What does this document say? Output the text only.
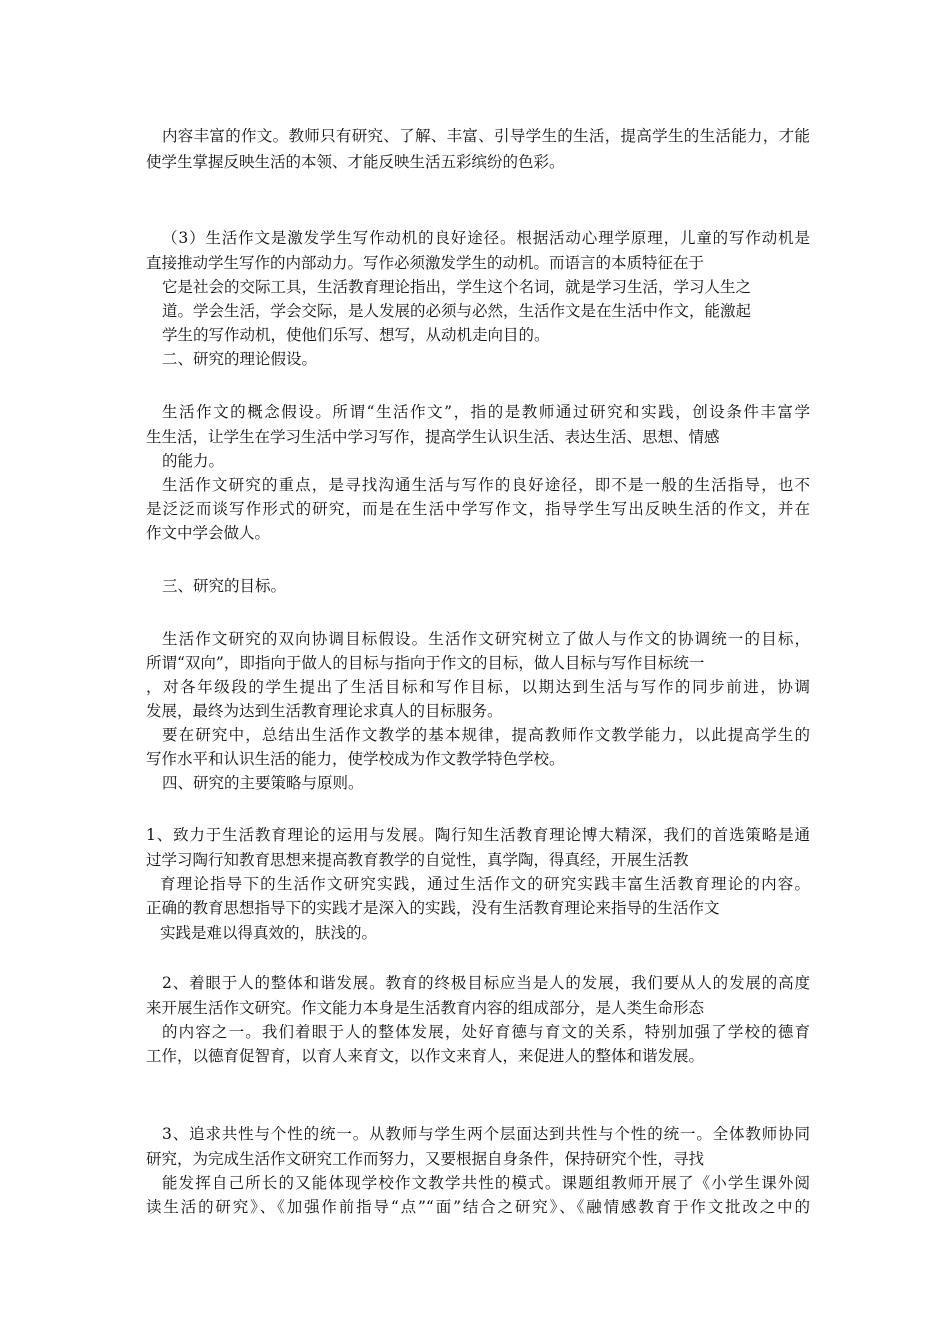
内容丰富的作文。教师只有研究、了解、丰富、引导学生的生活，提高学生的生活能力，才能
使学生掌握反映生活的本领、才能反映生活五彩缤纷的色彩。
（3）生活作文是激发学生写作动机的良好途径。根据活动心理学原理，儿童的写作动机是
直接推动学生写作的内部动力。写作必须激发学生的动机。而语言的本质特征在于
它是社会的交际工具，生活教育理论指出，学生这个名词，就是学习生活，学习人生之
道。学会生活，学会交际，是人发展的必须与必然，生活作文是在生活中作文，能激起
学生的写作动机，使他们乐写、想写，从动机走向目的。
二、研究的理论假设。
生活作文的概念假设。所谓“生活作文”，指的是教师通过研究和实践，创设条件丰富学
生生活，让学生在学习生活中学习写作，提高学生认识生活、表达生活、思想、情感
的能力。
生活作文研究的重点，是寻找沟通生活与写作的良好途径，即不是一般的生活指导，也不
是泛泛而谈写作形式的研究，而是在生活中学写作文，指导学生写出反映生活的作文，并在
作文中学会做人。
三、研究的目标。
生活作文研究的双向协调目标假设。生活作文研究树立了做人与作文的协调统一的目标，
所谓“双向”，即指向于做人的目标与指向于作文的目标，做人目标与写作目标统一
，对各年级段的学生提出了生活目标和写作目标，以期达到生活与写作的同步前进，协调
发展，最终为达到生活教育理论求真人的目标服务。
要在研究中，总结出生活作文教学的基本规律，提高教师作文教学能力，以此提高学生的
写作水平和认识生活的能力，使学校成为作文教学特色学校。
四、研究的主要策略与原则。
1、致力于生活教育理论的运用与发展。陶行知生活教育理论博大精深，我们的首选策略是通
过学习陶行知教育思想来提高教育教学的自觉性，真学陶，得真经，开展生活教
育理论指导下的生活作文研究实践，通过生活作文的研究实践丰富生活教育理论的内容。
正确的教育思想指导下的实践才是深入的实践，没有生活教育理论来指导的生活作文
实践是难以得真效的，肤浅的。
2、着眼于人的整体和谐发展。教育的终极目标应当是人的发展，我们要从人的发展的高度
来开展生活作文研究。作文能力本身是生活教育内容的组成部分，是人类生命形态
的内容之一。我们着眼于人的整体发展，处好育德与育文的关系，特别加强了学校的德育
工作，以德育促智育，以育人来育文，以作文来育人，来促进人的整体和谐发展。
3、追求共性与个性的统一。从教师与学生两个层面达到共性与个性的统一。全体教师协同
研究，为完成生活作文研究工作而努力，又要根据自身条件，保持研究个性，寻找
能发挥自己所长的又能体现学校作文教学共性的模式。课题组教师开展了《小学生课外阅
读生活的研究》、《加强作前指导“点”“面”结合之研究》、《融情感教育于作文批改之中的
